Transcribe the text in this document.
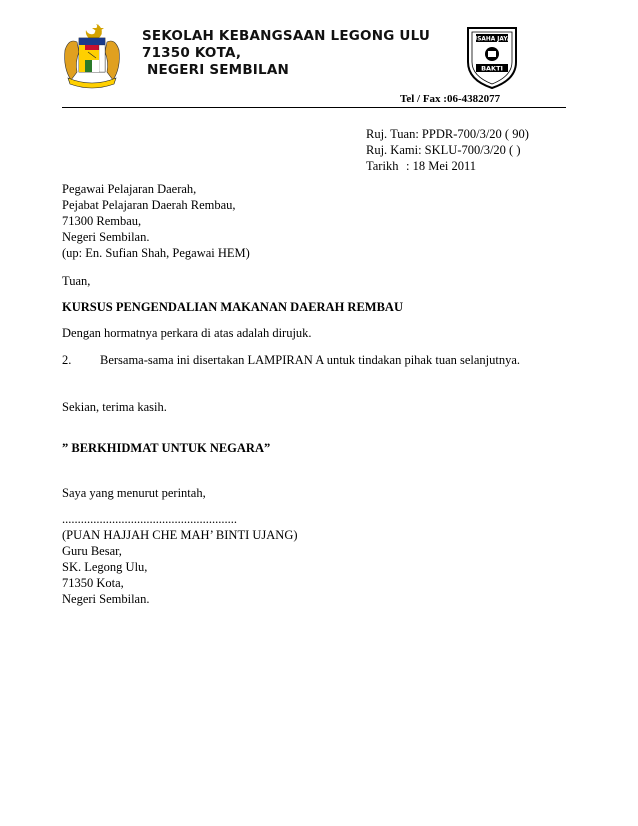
SEKOLAH KEBANGSAAN LEGONG ULU
71350 KOTA,
NEGERI SEMBILAN
USAHA JAYA
BAKTI
Tel / Fax :06-4382077
Ruj. Tuan: PPDR-700/3/20 ( 90)
Ruj. Kami: SKLU-700/3/20 ( )
Tarikh : 18 Mei 2011
Pegawai Pelajaran Daerah,
Pejabat Pelajaran Daerah Rembau,
71300 Rembau,
Negeri Sembilan.
(up: En. Sufian Shah, Pegawai HEM)
Tuan,
KURSUS PENGENDALIAN MAKANAN DAERAH REMBAU
Dengan hormatnya perkara di atas adalah dirujuk.
2. Bersama-sama ini disertakan LAMPIRAN A untuk tindakan pihak tuan selanjutnya.
Sekian, terima kasih.
” BERKHIDMAT UNTUK NEGARA”
Saya yang menurut perintah,
........................................................
(PUAN HAJJAH CHE MAH’ BINTI UJANG)
Guru Besar,
SK. Legong Ulu,
71350 Kota,
Negeri Sembilan.
